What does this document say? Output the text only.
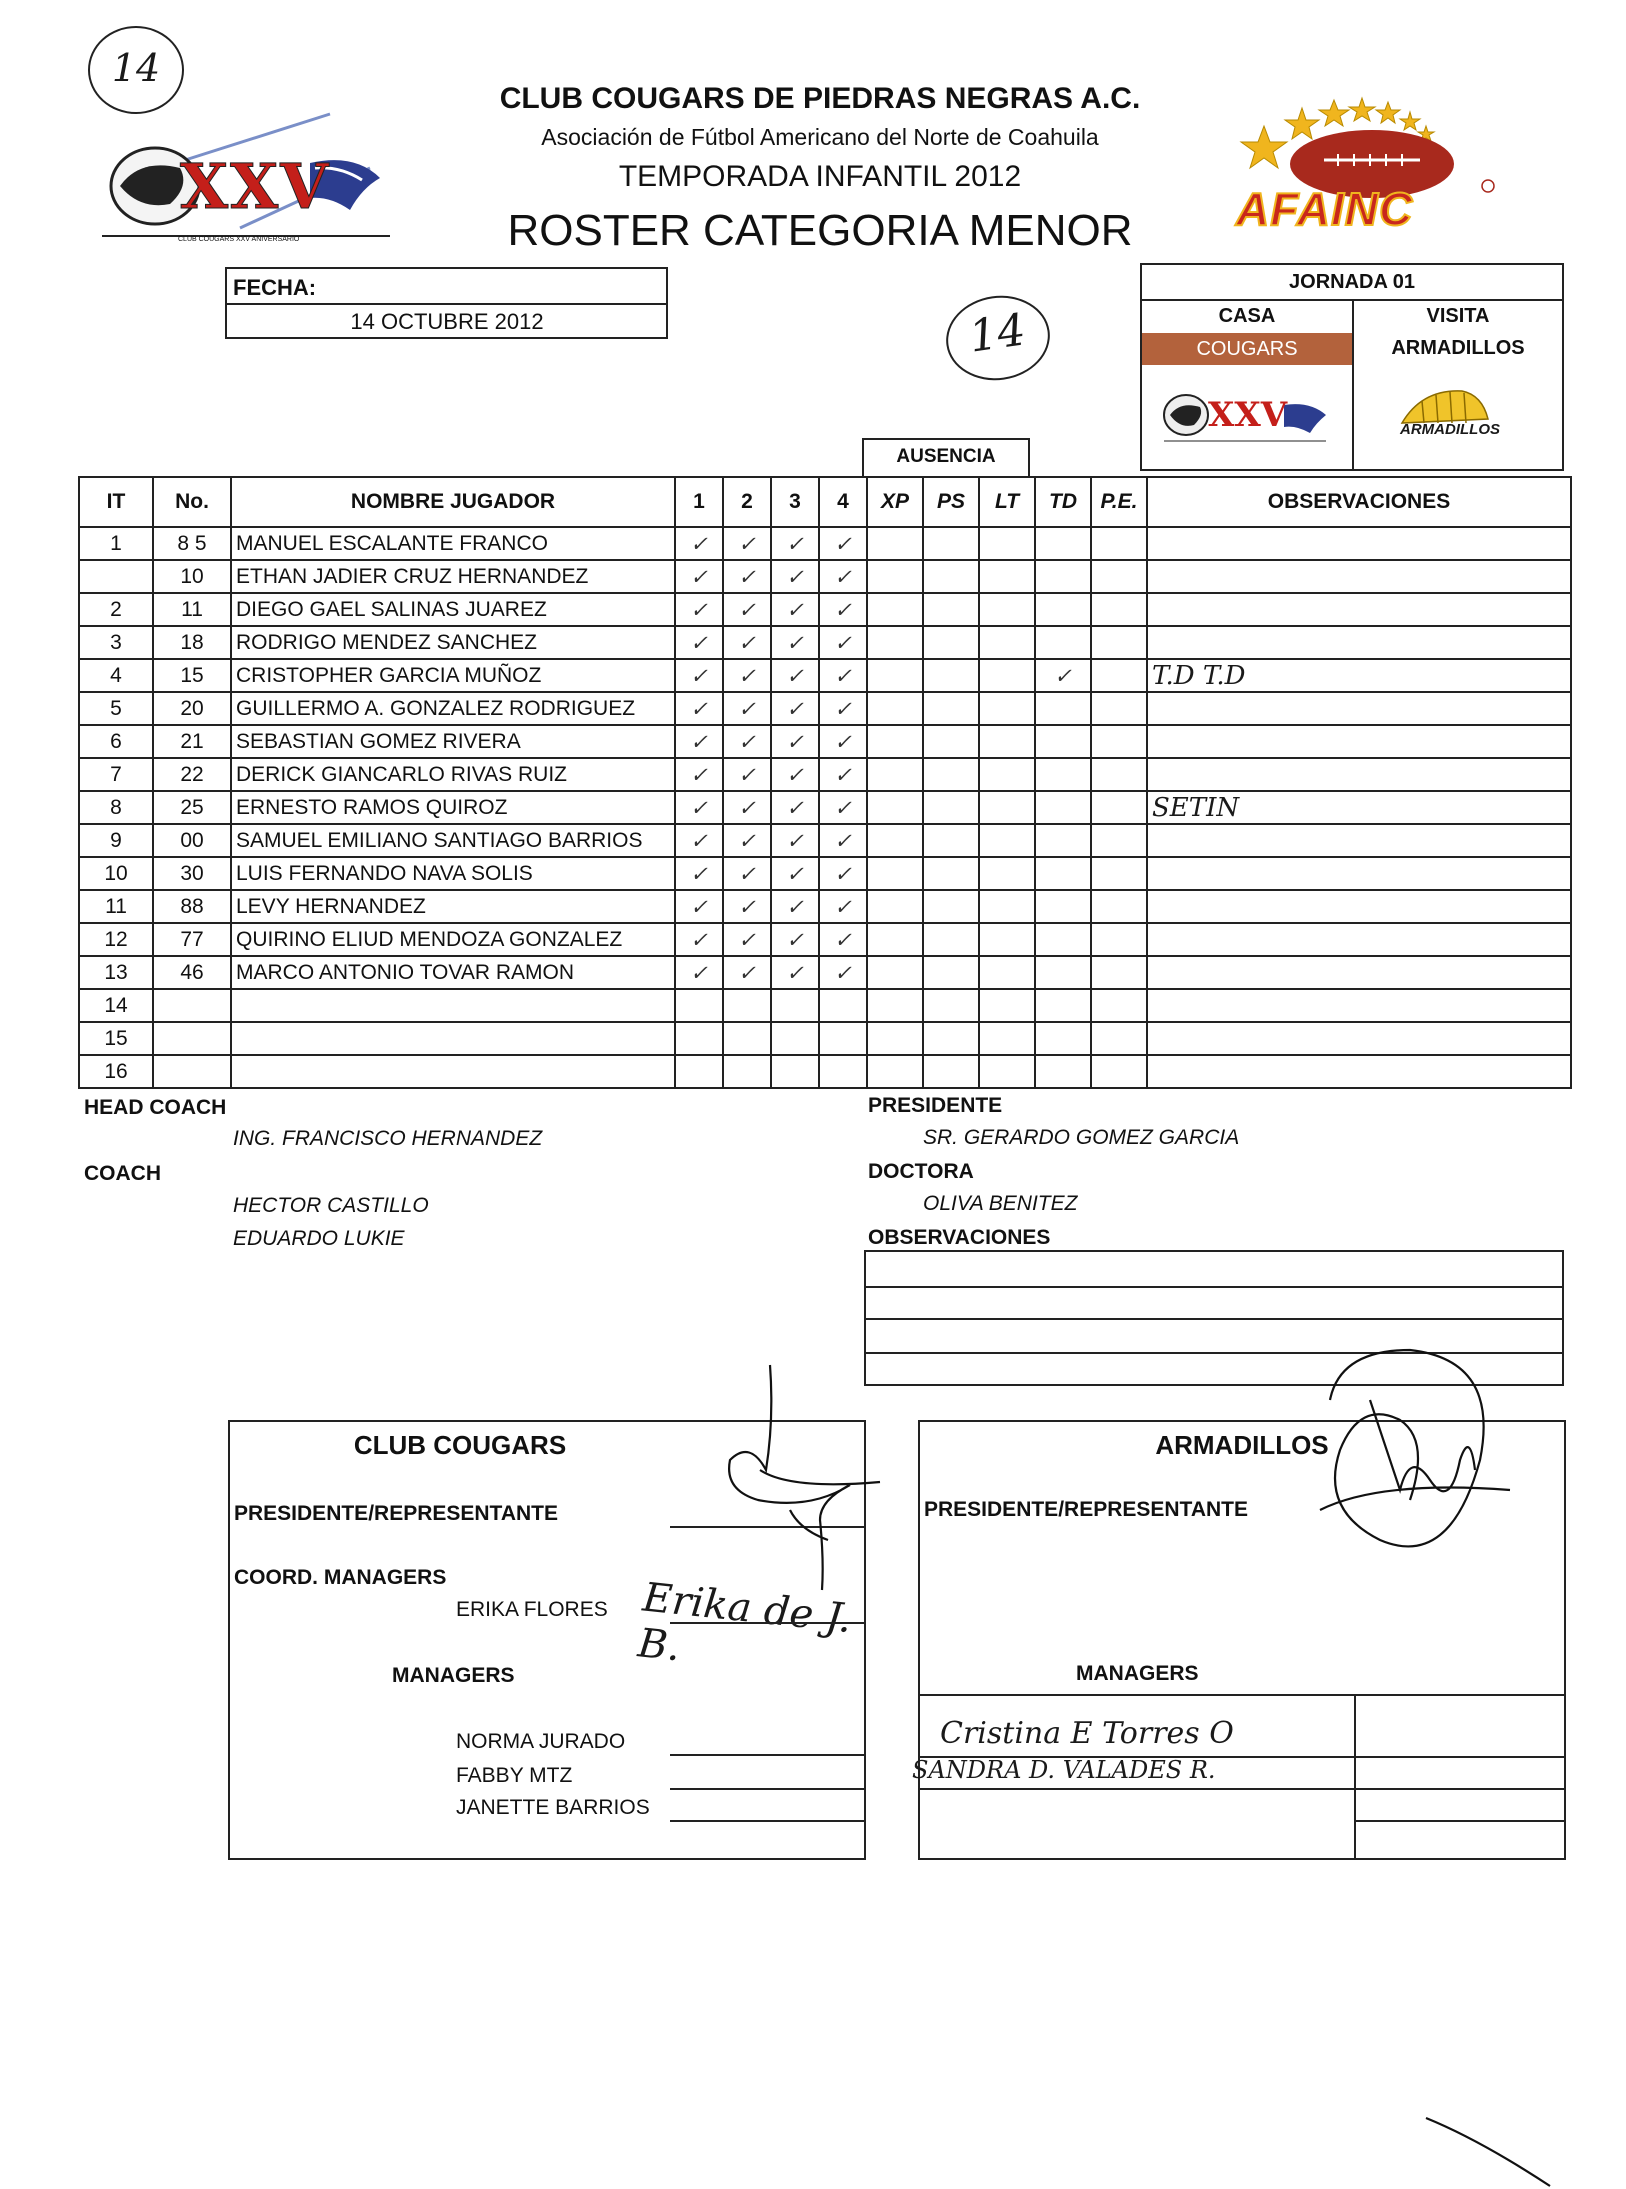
14
XXV
CLUB COUGARS XXV ANIVERSARIO
CLUB COUGARS DE PIEDRAS NEGRAS A.C.
Asociación de Fútbol Americano del Norte de Coahuila
TEMPORADA INFANTIL 2012
ROSTER CATEGORIA MENOR	AFAINC
14
FECHA:
14 OCTUBRE 2012
JORNADA 01
CASA	VISITA
COUGARS	ARMADILLOS
XXV	ARMADILLOS
AUSENCIA
IT	No.	NOMBRE JUGADOR	1	2	3	4	XP	PS	LT	TD	P.E.	OBSERVACIONES
1	8 5	MANUEL ESCALANTE FRANCO	✓	✓	✓	✓						
	10	ETHAN JADIER CRUZ HERNANDEZ	✓	✓	✓	✓						
2	11	DIEGO GAEL SALINAS JUAREZ	✓	✓	✓	✓						
3	18	RODRIGO MENDEZ SANCHEZ	✓	✓	✓	✓						
4	15	CRISTOPHER GARCIA MUÑOZ	✓	✓	✓	✓				✓		T.D T.D
5	20	GUILLERMO A. GONZALEZ RODRIGUEZ	✓	✓	✓	✓						
6	21	SEBASTIAN GOMEZ RIVERA	✓	✓	✓	✓						
7	22	DERICK GIANCARLO RIVAS RUIZ	✓	✓	✓	✓						
8	25	ERNESTO RAMOS QUIROZ	✓	✓	✓	✓						SETIN
9	00	SAMUEL EMILIANO SANTIAGO BARRIOS	✓	✓	✓	✓						
10	30	LUIS FERNANDO NAVA SOLIS	✓	✓	✓	✓						
11	88	LEVY HERNANDEZ	✓	✓	✓	✓						
12	77	QUIRINO ELIUD MENDOZA GONZALEZ	✓	✓	✓	✓						
13	46	MARCO ANTONIO TOVAR RAMON	✓	✓	✓	✓						
14												
15												
16												
HEAD COACH
ING. FRANCISCO HERNANDEZ
COACH
HECTOR CASTILLO
EDUARDO LUKIE
PRESIDENTE
SR. GERARDO GOMEZ GARCIA
DOCTORA
OLIVA BENITEZ
OBSERVACIONES
CLUB COUGARS
PRESIDENTE/REPRESENTANTE
COORD. MANAGERS
ERIKA FLORES Erika de J. B.
MANAGERS
NORMA JURADO
FABBY MTZ
JANETTE BARRIOS
ARMADILLOS
PRESIDENTE/REPRESENTANTE
MANAGERS
Cristina E Torres O
SANDRA D. VALADES R.
